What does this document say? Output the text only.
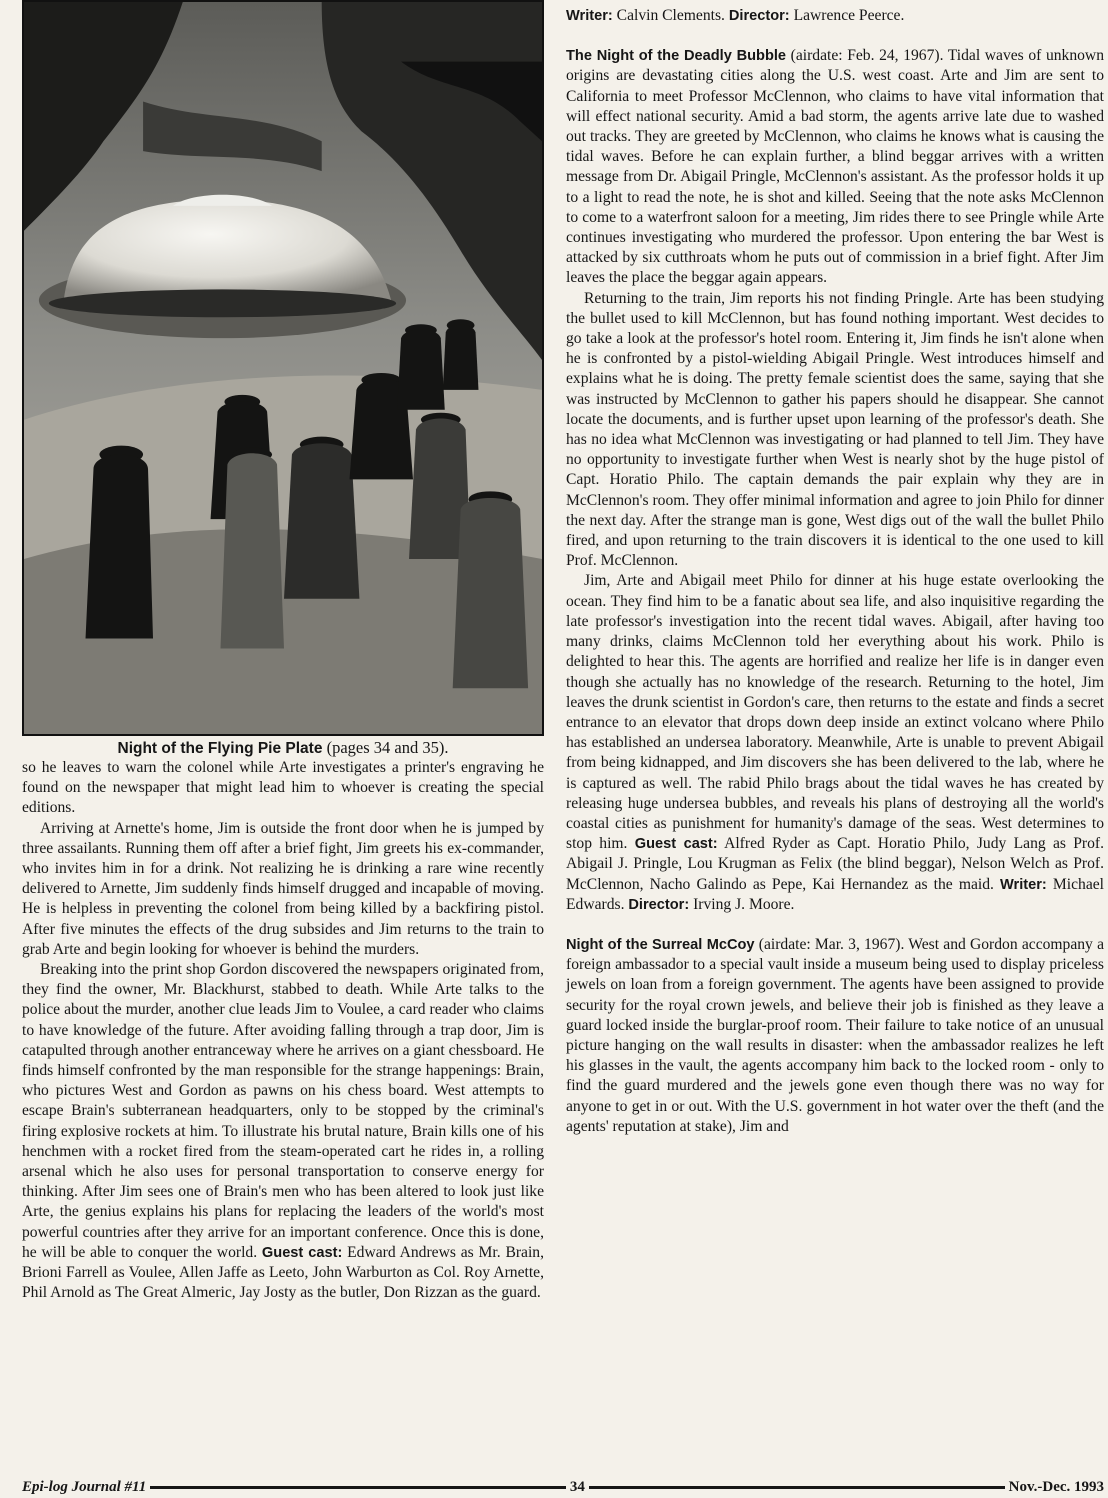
Night of the Flying Pie Plate (pages 34 and 35).

so he leaves to warn the colonel while Arte investigates a printer's engraving he found on the newspaper that might lead him to whoever is creating the special editions.

Arriving at Arnette's home, Jim is outside the front door when he is jumped by three assailants. Running them off after a brief fight, Jim greets his ex-commander, who invites him in for a drink. Not realizing he is drinking a rare wine recently delivered to Arnette, Jim suddenly finds himself drugged and incapable of moving. He is helpless in preventing the colonel from being killed by a backfiring pistol. After five minutes the effects of the drug subsides and Jim returns to the train to grab Arte and begin looking for whoever is behind the murders.

Breaking into the print shop Gordon discovered the newspapers originated from, they find the owner, Mr. Blackhurst, stabbed to death. While Arte talks to the police about the murder, another clue leads Jim to Voulee, a card reader who claims to have knowledge of the future. After avoiding falling through a trap door, Jim is catapulted through another entranceway where he arrives on a giant chessboard. He finds himself confronted by the man responsible for the strange happenings: Brain, who pictures West and Gordon as pawns on his chess board. West attempts to escape Brain's subterranean headquarters, only to be stopped by the criminal's firing explosive rockets at him. To illustrate his brutal nature, Brain kills one of his henchmen with a rocket fired from the steam-operated cart he rides in, a rolling arsenal which he also uses for personal transportation to conserve energy for thinking. After Jim sees one of Brain's men who has been altered to look just like Arte, the genius explains his plans for replacing the leaders of the world's most powerful countries after they arrive for an important conference. Once this is done, he will be able to conquer the world. Guest cast: Edward Andrews as Mr. Brain, Brioni Farrell as Voulee, Allen Jaffe as Leeto, John Warburton as Col. Roy Arnette, Phil Arnold as The Great Almeric, Jay Josty as the butler, Don Rizzan as the guard.

Writer: Calvin Clements. Director: Lawrence Peerce.

The Night of the Deadly Bubble (airdate: Feb. 24, 1967). Tidal waves of unknown origins are devastating cities along the U.S. west coast. Arte and Jim are sent to California to meet Professor McClennon, who claims to have vital information that will effect national security. Amid a bad storm, the agents arrive late due to washed out tracks. They are greeted by McClennon, who claims he knows what is causing the tidal waves. Before he can explain further, a blind beggar arrives with a written message from Dr. Abigail Pringle, McClennon's assistant. As the professor holds it up to a light to read the note, he is shot and killed. Seeing that the note asks McClennon to come to a waterfront saloon for a meeting, Jim rides there to see Pringle while Arte continues investigating who murdered the professor. Upon entering the bar West is attacked by six cutthroats whom he puts out of commission in a brief fight. After Jim leaves the place the beggar again appears.

Returning to the train, Jim reports his not finding Pringle. Arte has been studying the bullet used to kill McClennon, but has found nothing important. West decides to go take a look at the professor's hotel room. Entering it, Jim finds he isn't alone when he is confronted by a pistol-wielding Abigail Pringle. West introduces himself and explains what he is doing. The pretty female scientist does the same, saying that she was instructed by McClennon to gather his papers should he disappear. She cannot locate the documents, and is further upset upon learning of the professor's death. She has no idea what McClennon was investigating or had planned to tell Jim. They have no opportunity to investigate further when West is nearly shot by the huge pistol of Capt. Horatio Philo. The captain demands the pair explain why they are in McClennon's room. They offer minimal information and agree to join Philo for dinner the next day. After the strange man is gone, West digs out of the wall the bullet Philo fired, and upon returning to the train discovers it is identical to the one used to kill Prof. McClennon.

Jim, Arte and Abigail meet Philo for dinner at his huge estate overlooking the ocean. They find him to be a fanatic about sea life, and also inquisitive regarding the late professor's investigation into the recent tidal waves. Abigail, after having too many drinks, claims McClennon told her everything about his work. Philo is delighted to hear this. The agents are horrified and realize her life is in danger even though she actually has no knowledge of the research. Returning to the hotel, Jim leaves the drunk scientist in Gordon's care, then returns to the estate and finds a secret entrance to an elevator that drops down deep inside an extinct volcano where Philo has established an undersea laboratory. Meanwhile, Arte is unable to prevent Abigail from being kidnapped, and Jim discovers she has been delivered to the lab, where he is captured as well. The rabid Philo brags about the tidal waves he has created by releasing huge undersea bubbles, and reveals his plans of destroying all the world's coastal cities as punishment for humanity's damage of the seas. West determines to stop him. Guest cast: Alfred Ryder as Capt. Horatio Philo, Judy Lang as Prof. Abigail J. Pringle, Lou Krugman as Felix (the blind beggar), Nelson Welch as Prof. McClennon, Nacho Galindo as Pepe, Kai Hernandez as the maid. Writer: Michael Edwards. Director: Irving J. Moore.

Night of the Surreal McCoy (airdate: Mar. 3, 1967). West and Gordon accompany a foreign ambassador to a special vault inside a museum being used to display priceless jewels on loan from a foreign government. The agents have been assigned to provide security for the royal crown jewels, and believe their job is finished as they leave a guard locked inside the burglar-proof room. Their failure to take notice of an unusual picture hanging on the wall results in disaster: when the ambassador realizes he left his glasses in the vault, the agents accompany him back to the locked room - only to find the guard murdered and the jewels gone even though there was no way for anyone to get in or out. With the U.S. government in hot water over the theft (and the agents' reputation at stake), Jim and

Epi-log Journal #11	34	Nov.-Dec. 1993
